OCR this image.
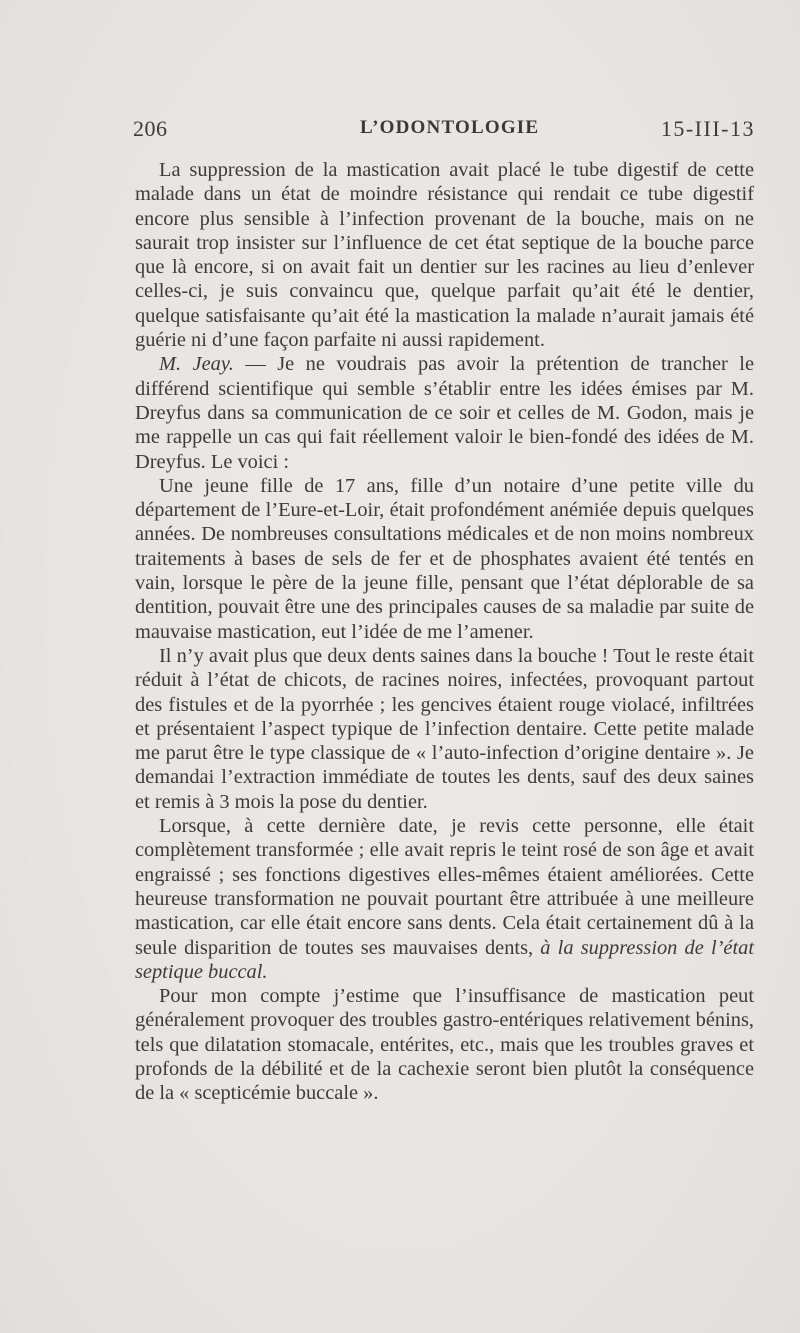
206	L’ODONTOLOGIE	15-III-13

La suppression de la mastication avait placé le tube digestif de cette malade dans un état de moindre résistance qui rendait ce tube digestif encore plus sensible à l’infection provenant de la bouche, mais on ne saurait trop insister sur l’influence de cet état septique de la bouche parce que là encore, si on avait fait un dentier sur les racines au lieu d’enlever celles-ci, je suis convaincu que, quelque parfait qu’ait été le dentier, quelque satisfaisante qu’ait été la mastication la malade n’aurait jamais été guérie ni d’une façon parfaite ni aussi rapidement.

M. Jeay. — Je ne voudrais pas avoir la prétention de trancher le différend scientifique qui semble s’établir entre les idées émises par M. Dreyfus dans sa communication de ce soir et celles de M. Godon, mais je me rappelle un cas qui fait réellement valoir le bien-fondé des idées de M. Dreyfus. Le voici :

Une jeune fille de 17 ans, fille d’un notaire d’une petite ville du département de l’Eure-et-Loir, était profondément anémiée depuis quelques années. De nombreuses consultations médicales et de non moins nombreux traitements à bases de sels de fer et de phosphates avaient été tentés en vain, lorsque le père de la jeune fille, pensant que l’état déplorable de sa dentition, pouvait être une des principales causes de sa maladie par suite de mauvaise mastication, eut l’idée de me l’amener.

Il n’y avait plus que deux dents saines dans la bouche ! Tout le reste était réduit à l’état de chicots, de racines noires, infectées, provoquant partout des fistules et de la pyorrhée ; les gencives étaient rouge violacé, infiltrées et présentaient l’aspect typique de l’infection dentaire. Cette petite malade me parut être le type classique de « l’auto-infection d’origine dentaire ». Je demandai l’extraction immédiate de toutes les dents, sauf des deux saines et remis à 3 mois la pose du dentier.

Lorsque, à cette dernière date, je revis cette personne, elle était complètement transformée ; elle avait repris le teint rosé de son âge et avait engraissé ; ses fonctions digestives elles-mêmes étaient améliorées. Cette heureuse transformation ne pouvait pourtant être attribuée à une meilleure mastication, car elle était encore sans dents. Cela était certainement dû à la seule disparition de toutes ses mauvaises dents, à la suppression de l’état septique buccal.

Pour mon compte j’estime que l’insuffisance de mastication peut généralement provoquer des troubles gastro-entériques relativement bénins, tels que dilatation stomacale, entérites, etc., mais que les troubles graves et profonds de la débilité et de la cachexie seront bien plutôt la conséquence de la « scepticémie buccale ».
